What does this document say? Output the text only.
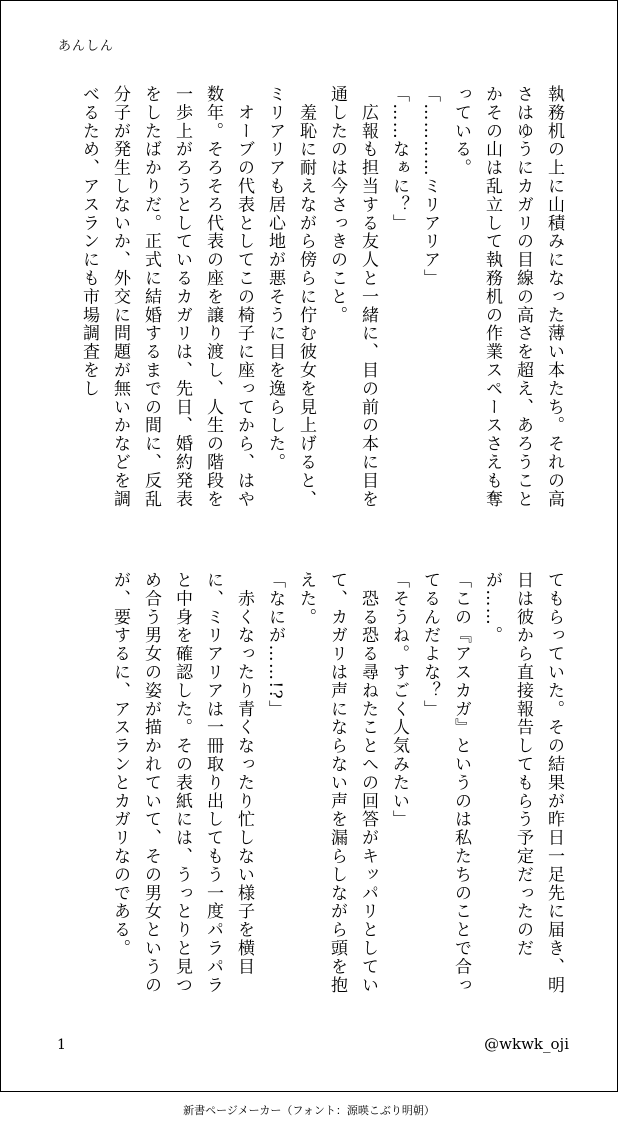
あんしん
執務机の上に山積みになった薄い本たち。それの高さはゆうにカガリの目線の高さを超え、あろうことかその山は乱立して執務机の作業スペースさえも奪っている。
「…………ミリアリア」
「……なぁに？」
　広報も担当する友人と一緒に、目の前の本に目を通したのは今さっきのこと。
　羞恥に耐えながら傍らに佇む彼女を見上げると、ミリアリアも居心地が悪そうに目を逸らした。
　オーブの代表としてこの椅子に座ってから、はや数年。そろそろ代表の座を譲り渡し、人生の階段を一歩上がろうとしているカガリは、先日、婚約発表をしたばかりだ。正式に結婚するまでの間に、反乱分子が発生しないか、外交に問題が無いかなどを調べるため、アスランにも市場調査をし
てもらっていた。その結果が昨日一足先に届き、明日は彼から直接報告してもらう予定だったのだが……。
「この『アスカガ』というのは私たちのことで合ってるんだよな？」
「そうね。すごく人気みたい」
　恐る恐る尋ねたことへの回答がキッパリとしていて、カガリは声にならない声を漏らしながら頭を抱えた。
「なにが……!?」
　赤くなったり青くなったり忙しない様子を横目に、ミリアリアは一冊取り出してもう一度パラパラと中身を確認した。その表紙には、うっとりと見つめ合う男女の姿が描かれていて、その男女というのが、要するに、アスランとカガリなのである。
1	@wkwk_oji
新書ページメーカー（フォント：源暎こぶり明朝）
